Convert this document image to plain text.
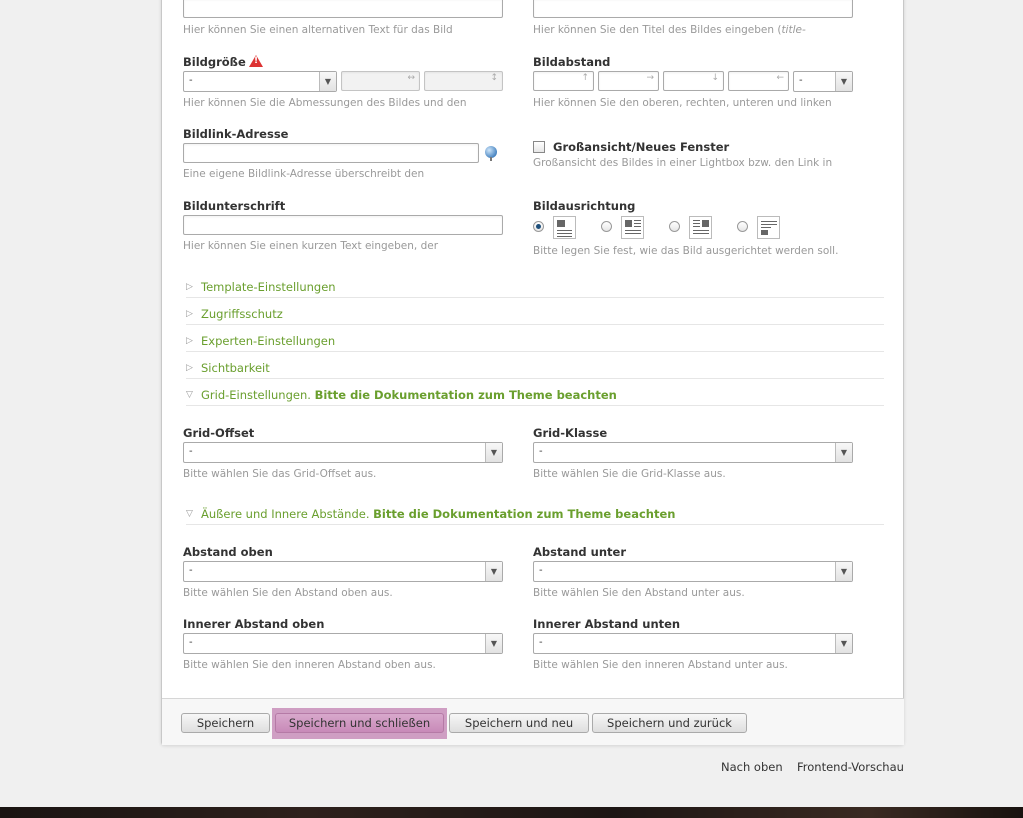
Hier können Sie einen alternativen Text für das Bild	Hier können Sie den Titel des Bildes eingeben (title-
Bildgröße
!
-	▼	↔	↕
Hier können Sie die Abmessungen des Bildes und den
Bildabstand
↑	→	↓	← -	▼
Hier können Sie den oberen, rechten, unteren und linken
Bildlink-Adresse
Eine eigene Bildlink-Adresse überschreibt den
Großansicht/Neues Fenster
Großansicht des Bildes in einer Lightbox bzw. den Link in
Bildunterschrift
Hier können Sie einen kurzen Text eingeben, der
Bildausrichtung
Bitte legen Sie fest, wie das Bild ausgerichtet werden soll.
▷ Template-Einstellungen
▷ Zugriffsschutz
▷ Experten-Einstellungen
▷ Sichtbarkeit
▽ Grid-Einstellungen. Bitte die Dokumentation zum Theme beachten
Grid-Offset
-	▼
Bitte wählen Sie das Grid-Offset aus.
Grid-Klasse
-	▼
Bitte wählen Sie die Grid-Klasse aus.
▽ Äußere und Innere Abstände. Bitte die Dokumentation zum Theme beachten
Abstand oben
-	▼
Bitte wählen Sie den Abstand oben aus.
Abstand unter
-	▼
Bitte wählen Sie den Abstand unter aus.
Innerer Abstand oben
-	▼
Bitte wählen Sie den inneren Abstand oben aus.
Innerer Abstand unten
-	▼
Bitte wählen Sie den inneren Abstand unter aus.
Speichern	Speichern und schließen	Speichern und neu	Speichern und zurück
Nach oben Frontend-Vorschau
